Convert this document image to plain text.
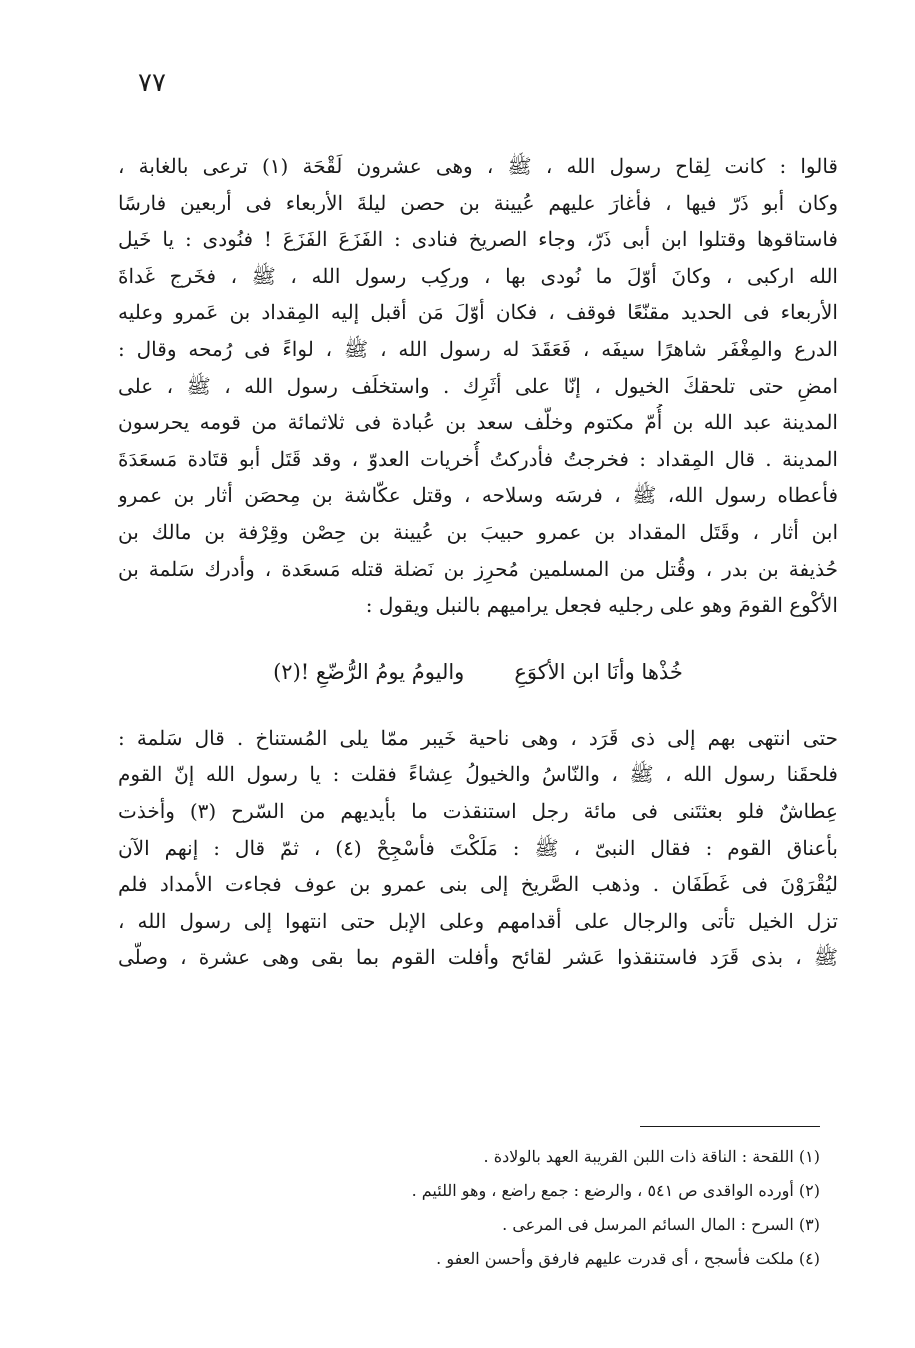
٧٧
قالوا : كانت لِقاح رسول الله ، ﷺ ، وهى عشرون لَقْحَة (١) ترعى بالغابة ،
وكان أبو ذَرّ فيها ، فأغارَ عليهم عُيينة بن حصن ليلةَ الأربعاء فى أربعين فارسًا
فاستاقوها وقتلوا ابن أبى ذَرّ، وجاء الصريخ فنادى : الفَزَعَ الفَزَعَ ! فنُودى : يا خَيل
الله اركبى ، وكانَ أوّلَ ما نُودى بها ، وركِب رسول الله ، ﷺ ، فخَرج غَداةَ
الأربعاء فى الحديد مقنّعًا فوقف ، فكان أوّلَ مَن أقبل إليه المِقداد بن عَمرو وعليه
الدرع والمِغْفَر شاهرًا سيفَه ، فَعَقَدَ له رسول الله ، ﷺ ، لواءً فى رُمحه وقال :
امضِ حتى تلحقكَ الخيول ، إنّا على أثَرِك . واستخلَف رسول الله ، ﷺ ، على
المدينة عبد الله بن أُمّ مكتوم وخلّف سعد بن عُبادة فى ثلاثمائة من قومه يحرسون
المدينة . قال المِقداد : فخرجتُ فأدركتُ أُخريات العدوّ ، وقد قَتَل أبو قتَادة مَسعَدَةَ
فأعطاه رسول الله، ﷺ ، فرسَه وسلاحه ، وقتل عكّاشة بن مِحصَن أثار بن عمرو
ابن أثار ، وقَتَل المقداد بن عمرو حبيبَ بن عُيينة بن حِصْن وقِرْفة بن مالك بن
حُذيفة بن بدر ، وقُتل من المسلمين مُحرِز بن نَضلة قتله مَسعَدة ، وأدرك سَلمة بن
الأكْوع القومَ وهو على رجليه فجعل يراميهم بالنبل ويقول :
خُذْها وأنَا ابن الأكوَعِ
واليومُ يومُ الرُّضّعِ !(٢)
حتى انتهى بهم إلى ذى قَرَد ، وهى ناحية خَيبر ممّا يلى المُستناخ . قال سَلمة :
فلحقَنا رسول الله ، ﷺ ، والنّاسُ والخيولُ عِشاءً فقلت : يا رسول الله إنّ القوم
عِطاشٌ فلو بعثتَنى فى مائة رجل استنقذت ما بأيديهم من السّرح (٣) وأخذت
بأعناق القوم : فقال النبىّ ، ﷺ : مَلَكْتَ فأسْجِحْ (٤) ، ثمّ قال : إنهم الآن
ليُقْرَوْنَ فى غَطَفَان . وذهب الصَّريخ إلى بنى عمرو بن عوف فجاءت الأمداد فلم
تزل الخيل تأتى والرجال على أقدامهم وعلى الإبل حتى انتهوا إلى رسول الله ،
ﷺ ، بذى قَرَد فاستنقذوا عَشر لقائح وأفلت القوم بما بقى وهى عشرة ، وصلّى
(١) اللقحة : الناقة ذات اللبن القريبة العهد بالولادة .
(٢) أورده الواقدى ص ٥٤١ ، والرضع : جمع راضع ، وهو اللئيم .
(٣) السرح : المال السائم المرسل فى المرعى .
(٤) ملكت فأسجح ، أى قدرت عليهم فارفق وأحسن العفو .
